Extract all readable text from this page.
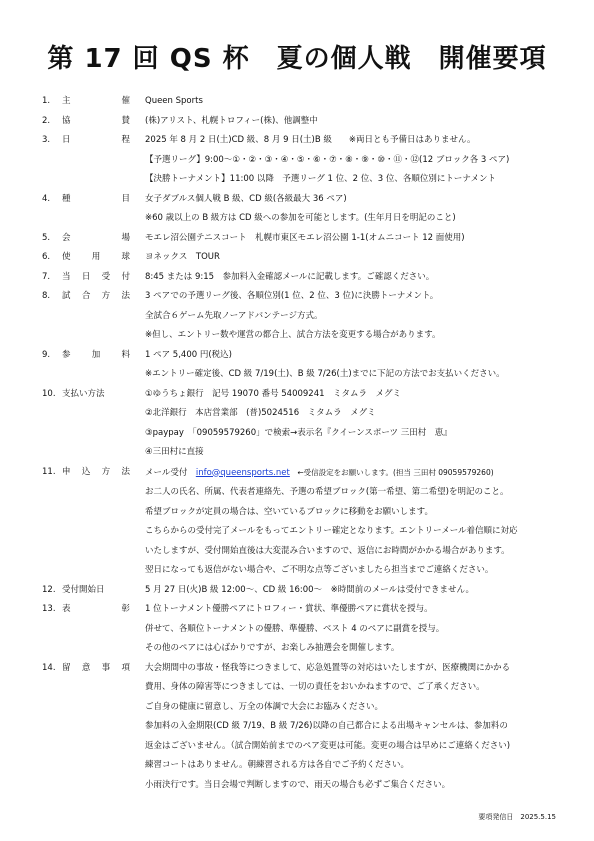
第 17 回 QS 杯　夏の個人戦　開催要項
1. 主	催 Queen Sports
2. 協	賛 (株)アリスト、札幌トロフィー(株)、他調整中
3. 日	程 2025 年 8 月 2 日(土)CD 級、8 月 9 日(土)B 級　　※両日とも予備日はありません。
【予選リーグ】9:00～①・②・③・④・⑤・⑥・⑦・⑧・⑨・⑩・⑪・⑫(12 ブロック各 3 ペア)
【決勝トーナメント】11:00 以降　予選リーグ 1 位、2 位、3 位、各順位別にトーナメント
4. 種	目 女子ダブルス個人戦 B 級、CD 級(各級最大 36 ペア)
※60 歳以上の B 級方は CD 級への参加を可能とします。(生年月日を明記のこと)
5. 会	場 モエレ沼公園テニスコート　札幌市東区モエレ沼公園 1-1(オムニコート 12 面使用)
6. 使 用 球 ヨネックス　TOUR
7. 当 日 受 付 8:45 または 9:15　参加料入金確認メールに記載します。ご確認ください。
8. 試 合 方 法 3 ペアでの予選リーグ後、各順位別(1 位、2 位、3 位)に決勝トーナメント。
全試合６ゲーム先取ノーアドバンテージ方式。
※但し、エントリー数や運営の都合上、試合方法を変更する場合があります。
9. 参 加 料 1 ペア 5,400 円(税込)
※エントリー確定後、CD 級 7/19(土)、B 級 7/26(土)までに下記の方法でお支払いください。
10. 支払い方法	①ゆうちょ銀行　記号 19070 番号 54009241　ミタムラ　メグミ
②北洋銀行　本店営業部　(普)5024516　ミタムラ　メグミ
③paypay　「09059579260」で検索→表示名『クイーンスポーツ 三田村　恵』
④三田村に直接
11. 申 込 方 法 メール受付　info@queensports.net　←受信設定をお願いします。(担当 三田村 09059579260)
お二人の氏名、所属、代表者連絡先、予選の希望ブロック(第一希望、第二希望)を明記のこと。
希望ブロックが定員の場合は、空いているブロックに移動をお願いします。
こちらからの受付完了メールをもってエントリー確定となります。エントリーメール着信順に対応
いたしますが、受付開始直後は大変混み合いますので、返信にお時間がかかる場合があります。
翌日になっても返信がない場合や、ご不明な点等ございましたら担当までご連絡ください。
12. 受付開始日	5 月 27 日(火)B 級 12:00～、CD 級 16:00～　※時間前のメールは受付できません。
13. 表	彰 1 位トーナメント優勝ペアにトロフィー・賞状、準優勝ペアに賞状を授与。
併せて、各順位トーナメントの優勝、準優勝、ベスト 4 のペアに副賞を授与。
その他のペアには心ばかりですが、お楽しみ抽選会を開催します。
14. 留 意 事 項 大会期間中の事故・怪我等につきまして、応急処置等の対応はいたしますが、医療機関にかかる
費用、身体の障害等につきましては、一切の責任をおいかねますので、ご了承ください。
ご自身の健康に留意し、万全の体調で大会にお臨みください。
参加料の入金期限(CD 級 7/19、B 級 7/26)以降の自己都合による出場キャンセルは、参加料の
返金はございません。（試合開始前までのペア変更は可能。変更の場合は早めにご連絡ください)
練習コートはありません。朝練習される方は各自でご予約ください。
小雨決行です。当日会場で判断しますので、雨天の場合も必ずご集合ください。
要項発信日　2025.5.15
